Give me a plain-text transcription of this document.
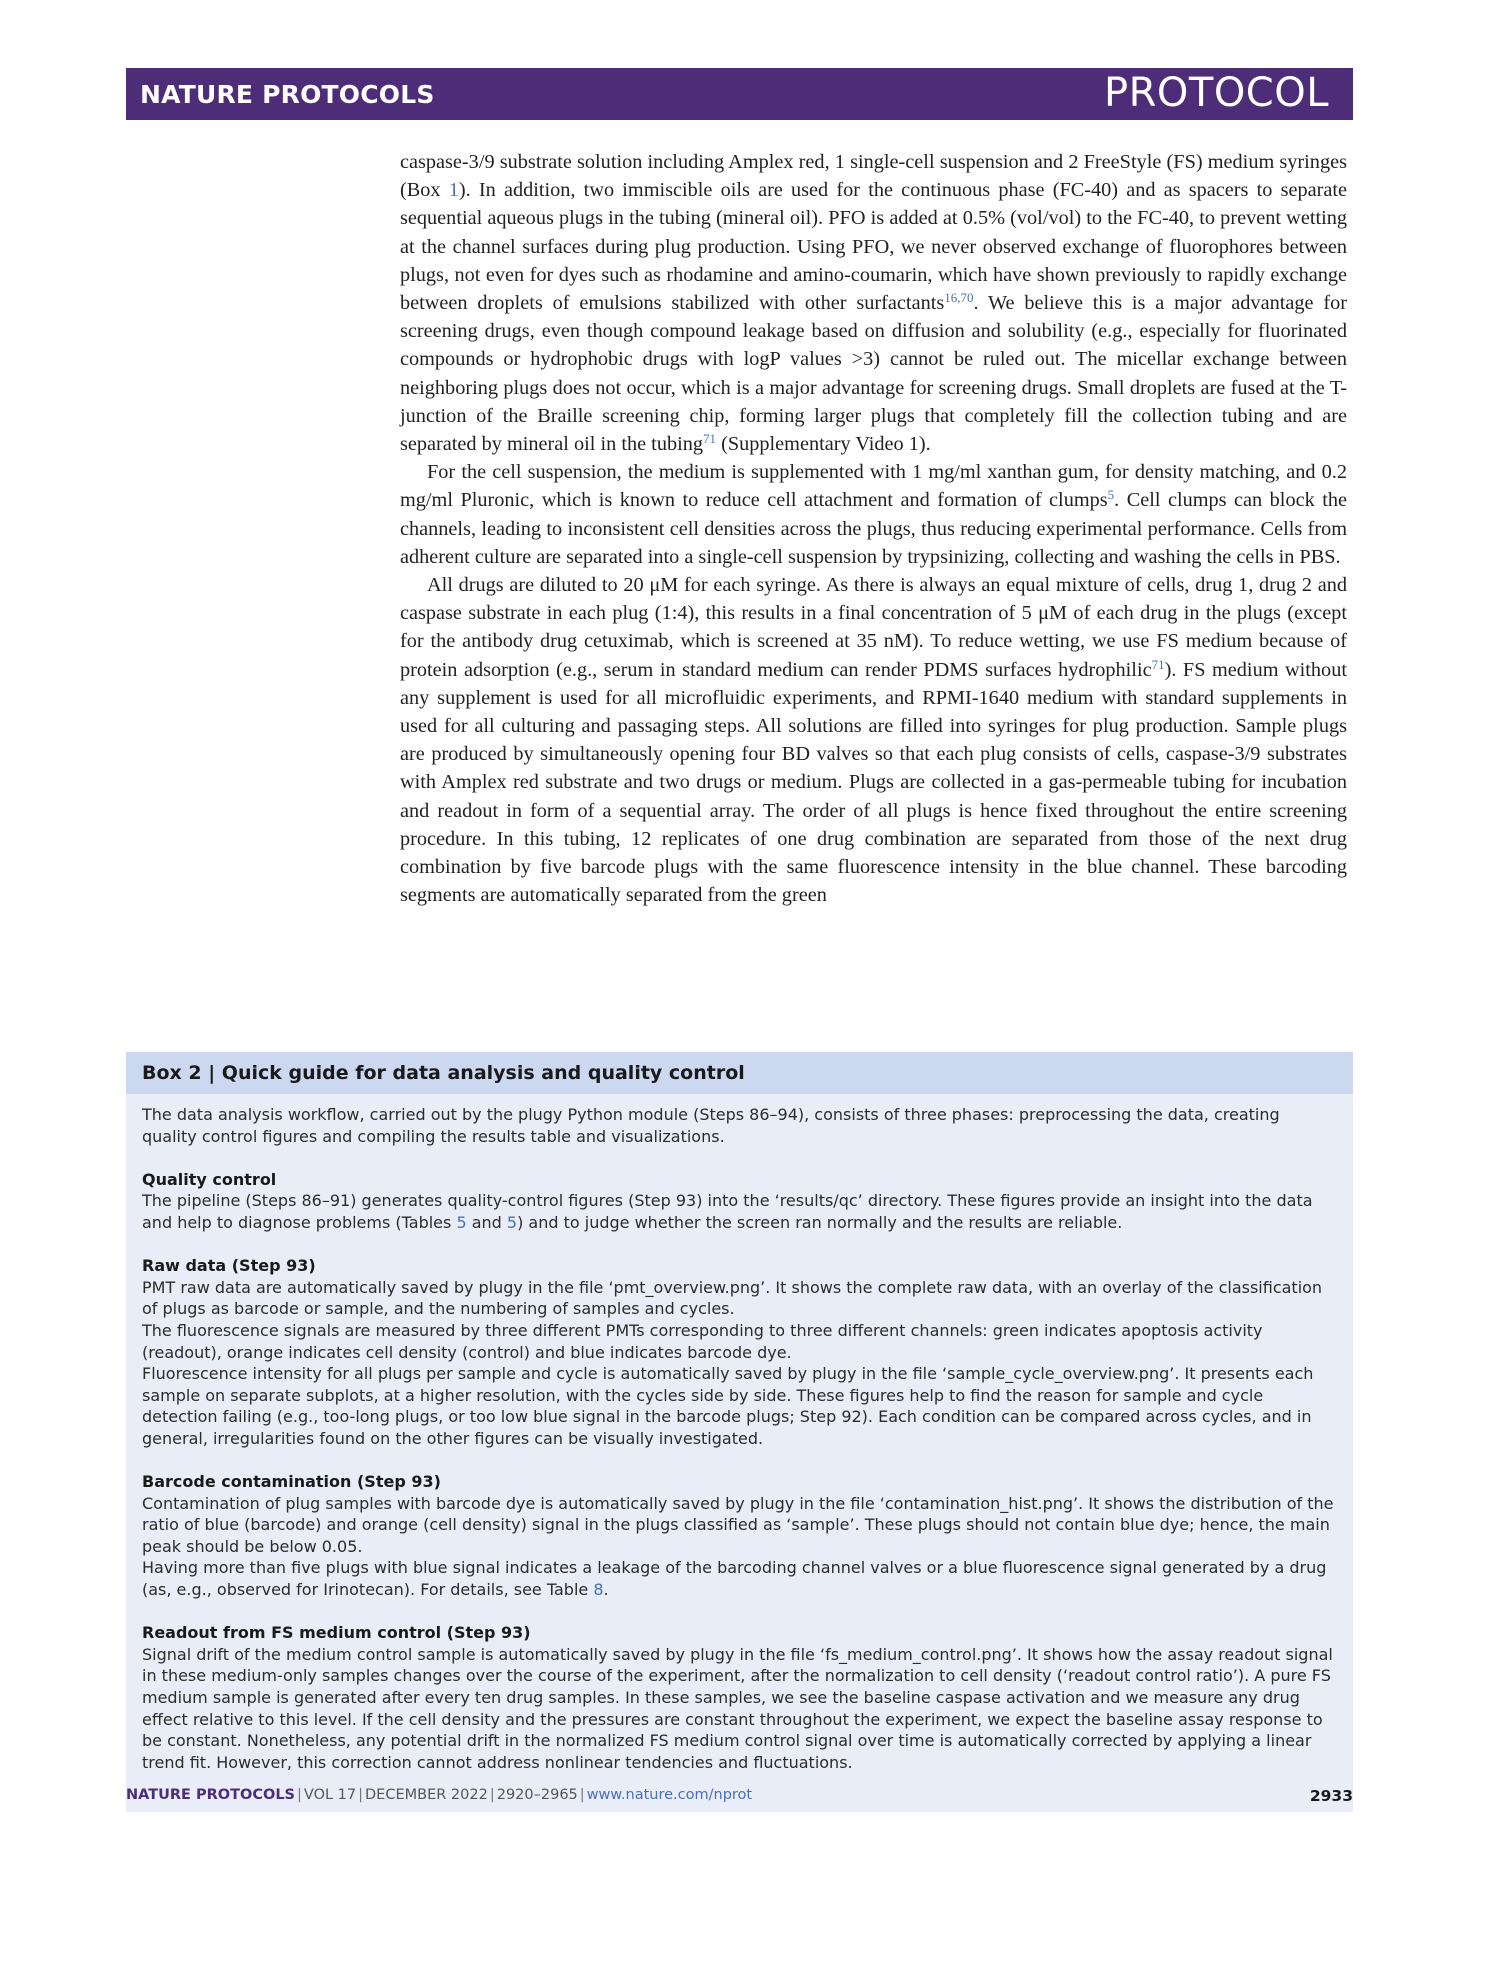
NATURE PROTOCOLS	PROTOCOL

caspase-3/9 substrate solution including Amplex red, 1 single-cell suspension and 2 FreeStyle (FS) medium syringes (Box 1). In addition, two immiscible oils are used for the continuous phase (FC-40) and as spacers to separate sequential aqueous plugs in the tubing (mineral oil). PFO is added at 0.5% (vol/vol) to the FC-40, to prevent wetting at the channel surfaces during plug production. Using PFO, we never observed exchange of fluorophores between plugs, not even for dyes such as rhodamine and amino-coumarin, which have shown previously to rapidly exchange between droplets of emulsions stabilized with other surfactants$^{16,70}$. We believe this is a major advantage for screening drugs, even though compound leakage based on diffusion and solubility (e.g., especially for fluorinated compounds or hydrophobic drugs with logP values >3) cannot be ruled out. The micellar exchange between neighboring plugs does not occur, which is a major advantage for screening drugs. Small droplets are fused at the T-junction of the Braille screening chip, forming larger plugs that completely fill the collection tubing and are separated by mineral oil in the tubing$^{71}$ (Supplementary Video 1).

For the cell suspension, the medium is supplemented with 1 mg/ml xanthan gum, for density matching, and 0.2 mg/ml Pluronic, which is known to reduce cell attachment and formation of clumps$^5$. Cell clumps can block the channels, leading to inconsistent cell densities across the plugs, thus reducing experimental performance. Cells from adherent culture are separated into a single-cell suspension by trypsinizing, collecting and washing the cells in PBS.

All drugs are diluted to 20 μM for each syringe. As there is always an equal mixture of cells, drug 1, drug 2 and caspase substrate in each plug (1:4), this results in a final concentration of 5 μM of each drug in the plugs (except for the antibody drug cetuximab, which is screened at 35 nM). To reduce wetting, we use FS medium because of protein adsorption (e.g., serum in standard medium can render PDMS surfaces hydrophilic$^{71}$). FS medium without any supplement is used for all microfluidic experiments, and RPMI-1640 medium with standard supplements in used for all culturing and passaging steps. All solutions are filled into syringes for plug production. Sample plugs are produced by simultaneously opening four BD valves so that each plug consists of cells, caspase-3/9 substrates with Amplex red substrate and two drugs or medium. Plugs are collected in a gas-permeable tubing for incubation and readout in form of a sequential array. The order of all plugs is hence fixed throughout the entire screening procedure. In this tubing, 12 replicates of one drug combination are separated from those of the next drug combination by five barcode plugs with the same fluorescence intensity in the blue channel. These barcoding segments are automatically separated from the green

Box 2 | Quick guide for data analysis and quality control

The data analysis workflow, carried out by the plugy Python module (Steps 86–94), consists of three phases: preprocessing the data, creating quality control figures and compiling the results table and visualizations.

Quality control

The pipeline (Steps 86–91) generates quality-control figures (Step 93) into the ‘results/qc’ directory. These figures provide an insight into the data and help to diagnose problems (Tables 5 and 5) and to judge whether the screen ran normally and the results are reliable.

Raw data (Step 93)

PMT raw data are automatically saved by plugy in the file ‘pmt_overview.png’. It shows the complete raw data, with an overlay of the classification of plugs as barcode or sample, and the numbering of samples and cycles.

The fluorescence signals are measured by three different PMTs corresponding to three different channels: green indicates apoptosis activity (readout), orange indicates cell density (control) and blue indicates barcode dye.

Fluorescence intensity for all plugs per sample and cycle is automatically saved by plugy in the file ‘sample_cycle_overview.png’. It presents each sample on separate subplots, at a higher resolution, with the cycles side by side. These figures help to find the reason for sample and cycle detection failing (e.g., too-long plugs, or too low blue signal in the barcode plugs; Step 92). Each condition can be compared across cycles, and in general, irregularities found on the other figures can be visually investigated.

Barcode contamination (Step 93)

Contamination of plug samples with barcode dye is automatically saved by plugy in the file ‘contamination_hist.png’. It shows the distribution of the ratio of blue (barcode) and orange (cell density) signal in the plugs classified as ‘sample’. These plugs should not contain blue dye; hence, the main peak should be below 0.05.

Having more than five plugs with blue signal indicates a leakage of the barcoding channel valves or a blue fluorescence signal generated by a drug (as, e.g., observed for Irinotecan). For details, see Table 8.

Readout from FS medium control (Step 93)

Signal drift of the medium control sample is automatically saved by plugy in the file ‘fs_medium_control.png’. It shows how the assay readout signal in these medium-only samples changes over the course of the experiment, after the normalization to cell density (‘readout control ratio’). A pure FS medium sample is generated after every ten drug samples. In these samples, we see the baseline caspase activation and we measure any drug effect relative to this level. If the cell density and the pressures are constant throughout the experiment, we expect the baseline assay response to be constant. Nonetheless, any potential drift in the normalized FS medium control signal over time is automatically corrected by applying a linear trend fit. However, this correction cannot address nonlinear tendencies and fluctuations.

NATURE PROTOCOLS | VOL 17 | DECEMBER 2022 | 2920–2965 | www.nature.com/nprot	2933
